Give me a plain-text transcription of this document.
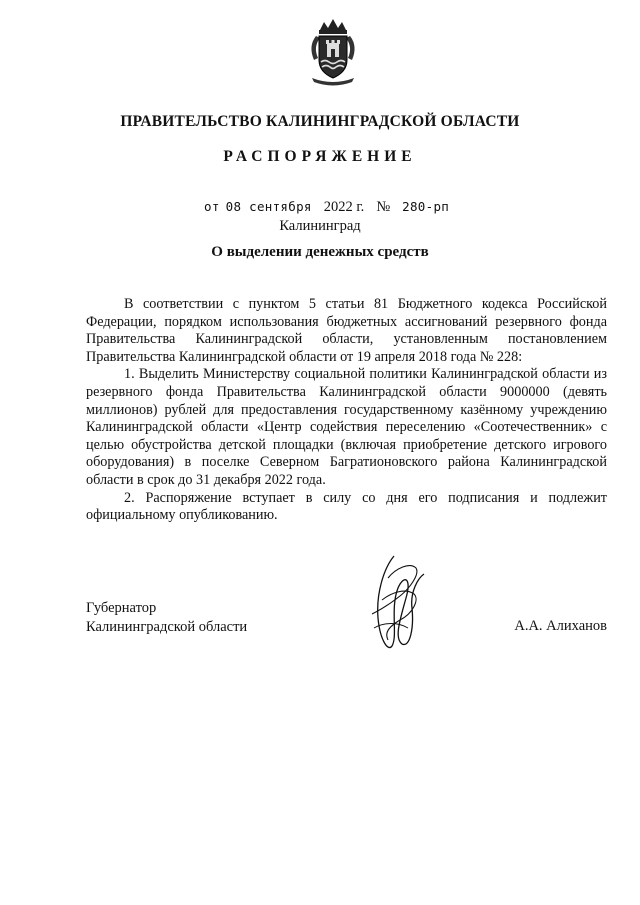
ПРАВИТЕЛЬСТВО КАЛИНИНГРАДСКОЙ ОБЛАСТИ
РАСПОРЯЖЕНИЕ
от 08 сентября 2022 г. № 280-рп
Калининград
О выделении денежных средств

В соответствии с пунктом 5 статьи 81 Бюджетного кодекса Российской Федерации, порядком использования бюджетных ассигнований резервного фонда Правительства Калининградской области, установленным постановлением Правительства Калининградской области от 19 апреля 2018 года № 228:

1. Выделить Министерству социальной политики Калининградской области из резервного фонда Правительства Калининградской области 9000000 (девять миллионов) рублей для предоставления государственному казённому учреждению Калининградской области «Центр содействия переселению «Соотечественник» с целью обустройства детской площадки (включая приобретение детского игрового оборудования) в поселке Северном Багратионовского района Калининградской области в срок до 31 декабря 2022 года.

2. Распоряжение вступает в силу со дня его подписания и подлежит официальному опубликованию.

Губернатор
Калининградской области	А.А. Алиханов
